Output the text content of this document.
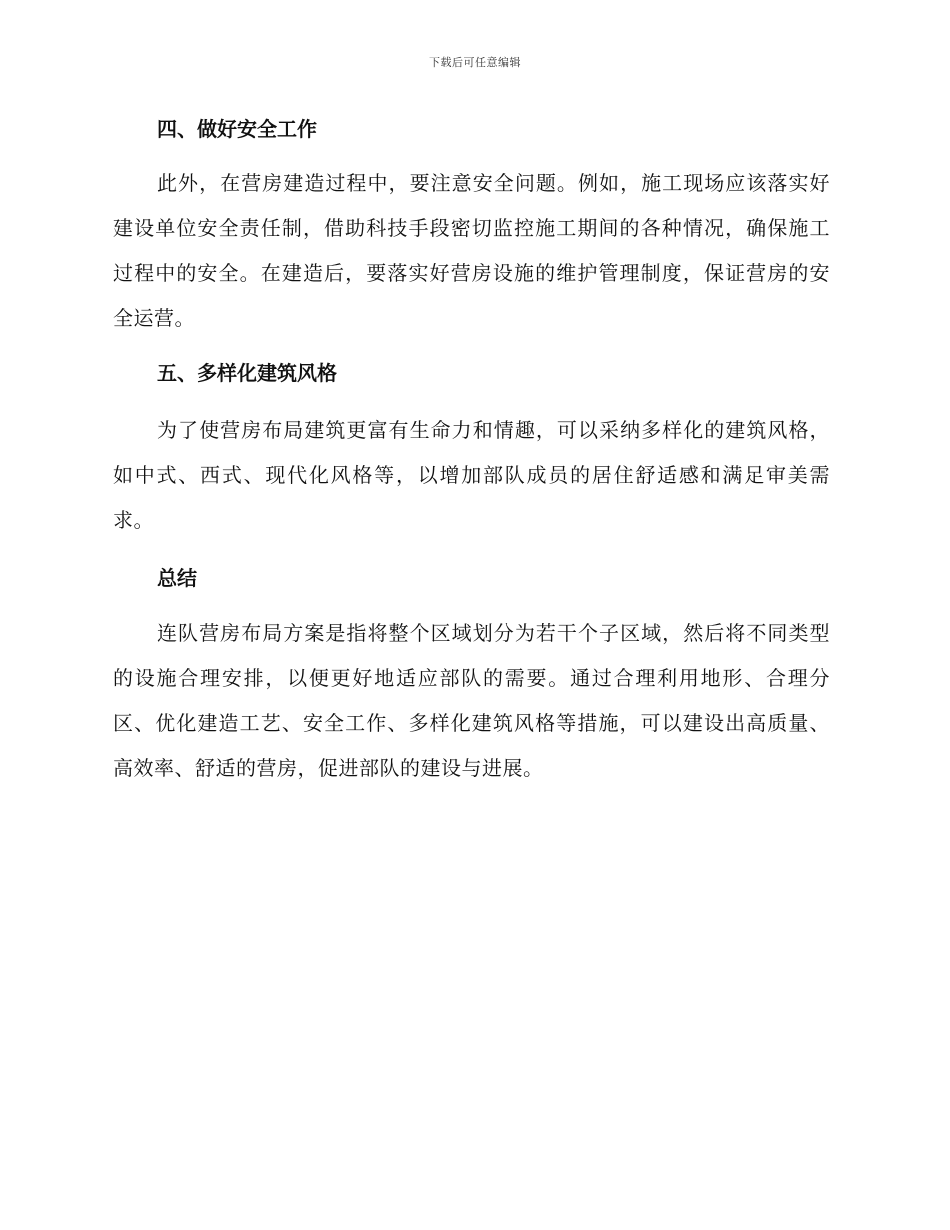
下载后可任意编辑
四、做好安全工作

此外，在营房建造过程中，要注意安全问题。例如，施工现场应该落实好建设单位安全责任制，借助科技手段密切监控施工期间的各种情况，确保施工过程中的安全。在建造后，要落实好营房设施的维护管理制度，保证营房的安全运营。

五、多样化建筑风格

为了使营房布局建筑更富有生命力和情趣，可以采纳多样化的建筑风格，如中式、西式、现代化风格等，以增加部队成员的居住舒适感和满足审美需求。

总结

连队营房布局方案是指将整个区域划分为若干个子区域，然后将不同类型的设施合理安排，以便更好地适应部队的需要。通过合理利用地形、合理分区、优化建造工艺、安全工作、多样化建筑风格等措施，可以建设出高质量、高效率、舒适的营房，促进部队的建设与进展。
